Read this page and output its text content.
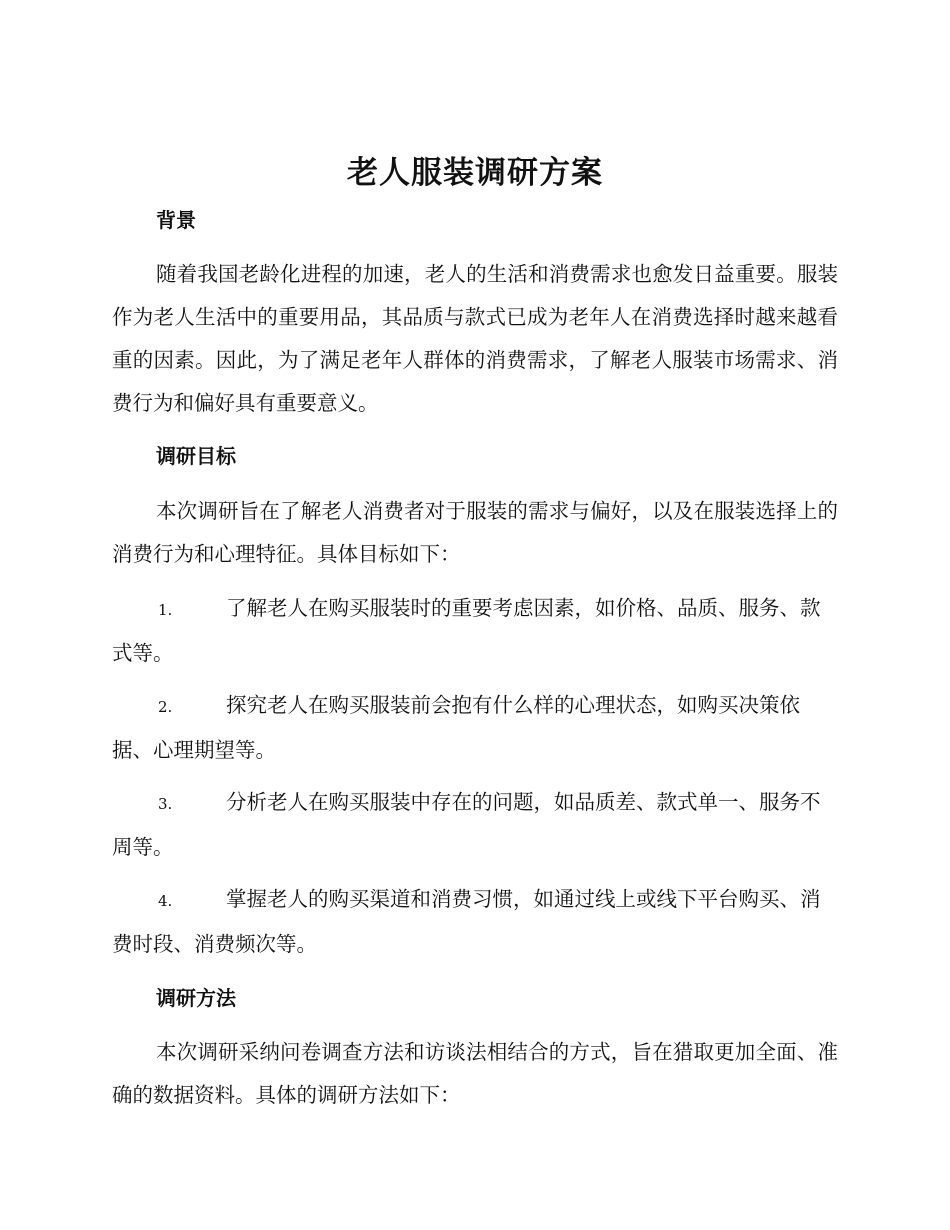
老人服装调研方案
背景

随着我国老龄化进程的加速，老人的生活和消费需求也愈发日益重要。服装作为老人生活中的重要用品，其品质与款式已成为老年人在消费选择时越来越看重的因素。因此，为了满足老年人群体的消费需求，了解老人服装市场需求、消费行为和偏好具有重要意义。

调研目标

本次调研旨在了解老人消费者对于服装的需求与偏好，以及在服装选择上的消费行为和心理特征。具体目标如下：

1.	了解老人在购买服装时的重要考虑因素，如价格、品质、服务、款式等。
2.	探究老人在购买服装前会抱有什么样的心理状态，如购买决策依据、心理期望等。
3.	分析老人在购买服装中存在的问题，如品质差、款式单一、服务不周等。
4.	掌握老人的购买渠道和消费习惯，如通过线上或线下平台购买、消费时段、消费频次等。
调研方法

本次调研采纳问卷调查方法和访谈法相结合的方式，旨在猎取更加全面、准确的数据资料。具体的调研方法如下：
